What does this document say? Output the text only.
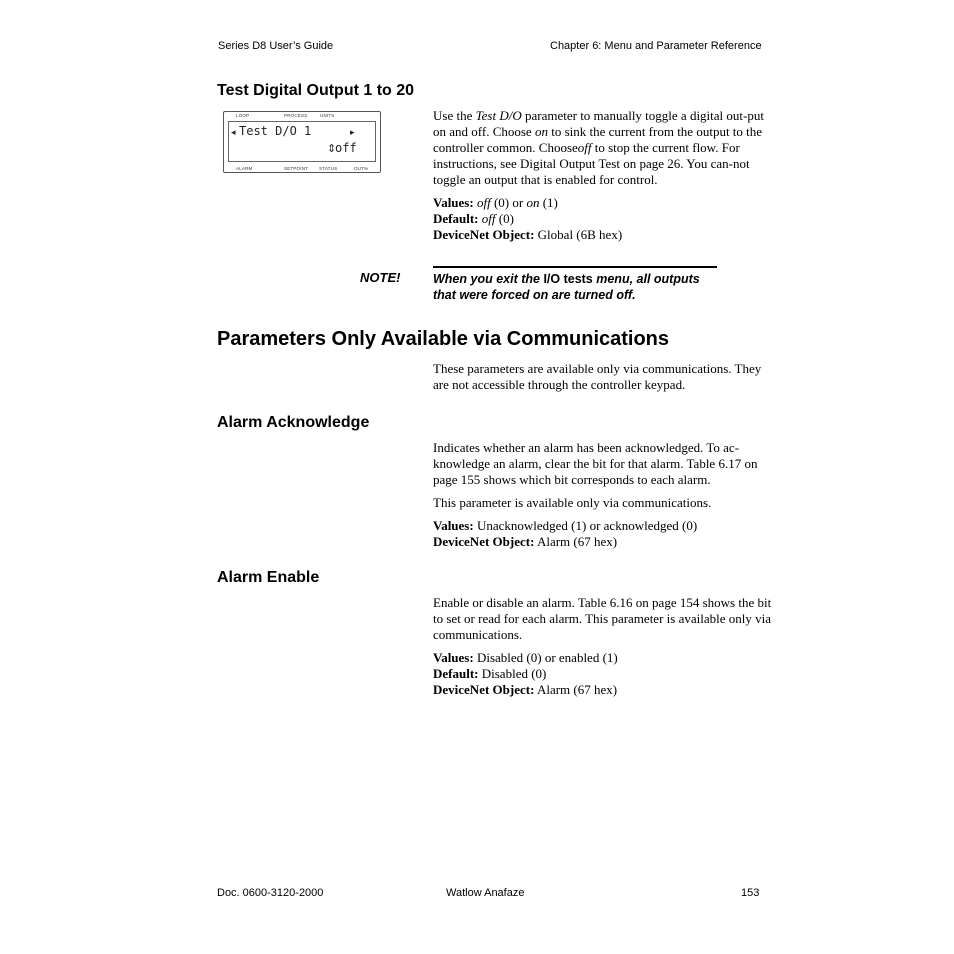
Series D8 User’s Guide	Chapter 6: Menu and Parameter Reference
Test Digital Output 1 to 20
LOOP	PROCESS	UNITS
◂ Test D/O 1	▸
⇕
off
ALARM	SETPOINT STATUS	OUT%

Use the Test D/O parameter to manually toggle a digital out-put on and off. Choose on to sink the current from the output to the controller common. Chooseoff to stop the current flow. For instructions, see Digital Output Test on page 26. You can-not toggle an output that is enabled for control.

Values: off (0) or on (1)
Default: off (0)
DeviceNet Object: Global (6B hex)
NOTE!	When you exit the I/O tests menu, all outputs
that were forced on are turned off.
Parameters Only Available via Communications

These parameters are available only via communications. They are not accessible through the controller keypad.

Alarm Acknowledge

Indicates whether an alarm has been acknowledged. To ac-knowledge an alarm, clear the bit for that alarm. Table 6.17 on page 155 shows which bit corresponds to each alarm.

This parameter is available only via communications.

Values: Unacknowledged (1) or acknowledged (0)
DeviceNet Object: Alarm (67 hex)
Alarm Enable

Enable or disable an alarm. Table 6.16 on page 154 shows the bit to set or read for each alarm. This parameter is available only via communications.

Values: Disabled (0) or enabled (1)
Default: Disabled (0)
DeviceNet Object: Alarm (67 hex)
Doc. 0600-3120-2000	Watlow Anafaze	153
